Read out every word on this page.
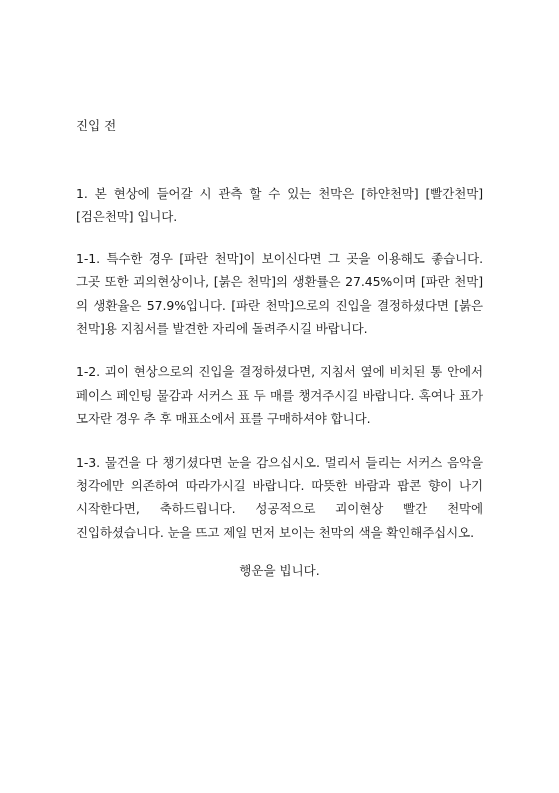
진입 전

1. 본 현상에 들어갈 시 관측 할 수 있는 천막은 [하얀천막] [빨간천막] [검은천막] 입니다.

1-1. 특수한 경우 [파란 천막]이 보이신다면 그 곳을 이용해도 좋습니다. 그곳 또한 괴의현상이나, [붉은 천막]의 생환률은 27.45%이며 [파란 천막]의 생환율은 57.9%입니다. [파란 천막]으로의 진입을 결정하셨다면 [붉은 천막]용 지침서를 발견한 자리에 돌려주시길 바랍니다.

1-2. 괴이 현상으로의 진입을 결정하셨다면, 지침서 옆에 비치된 통 안에서 페이스 페인팅 물감과 서커스 표 두 매를 챙겨주시길 바랍니다. 혹여나 표가 모자란 경우 추 후 매표소에서 표를 구매하셔야 합니다.

1-3. 물건을 다 챙기셨다면 눈을 감으십시오. 멀리서 들리는 서커스 음악을 청각에만 의존하여 따라가시길 바랍니다. 따뜻한 바람과 팝콘 향이 나기 시작한다면, 축하드립니다. 성공적으로 괴이현상 빨간 천막에 진입하셨습니다. 눈을 뜨고 제일 먼저 보이는 천막의 색을 확인해주십시오.

행운을 빕니다.
